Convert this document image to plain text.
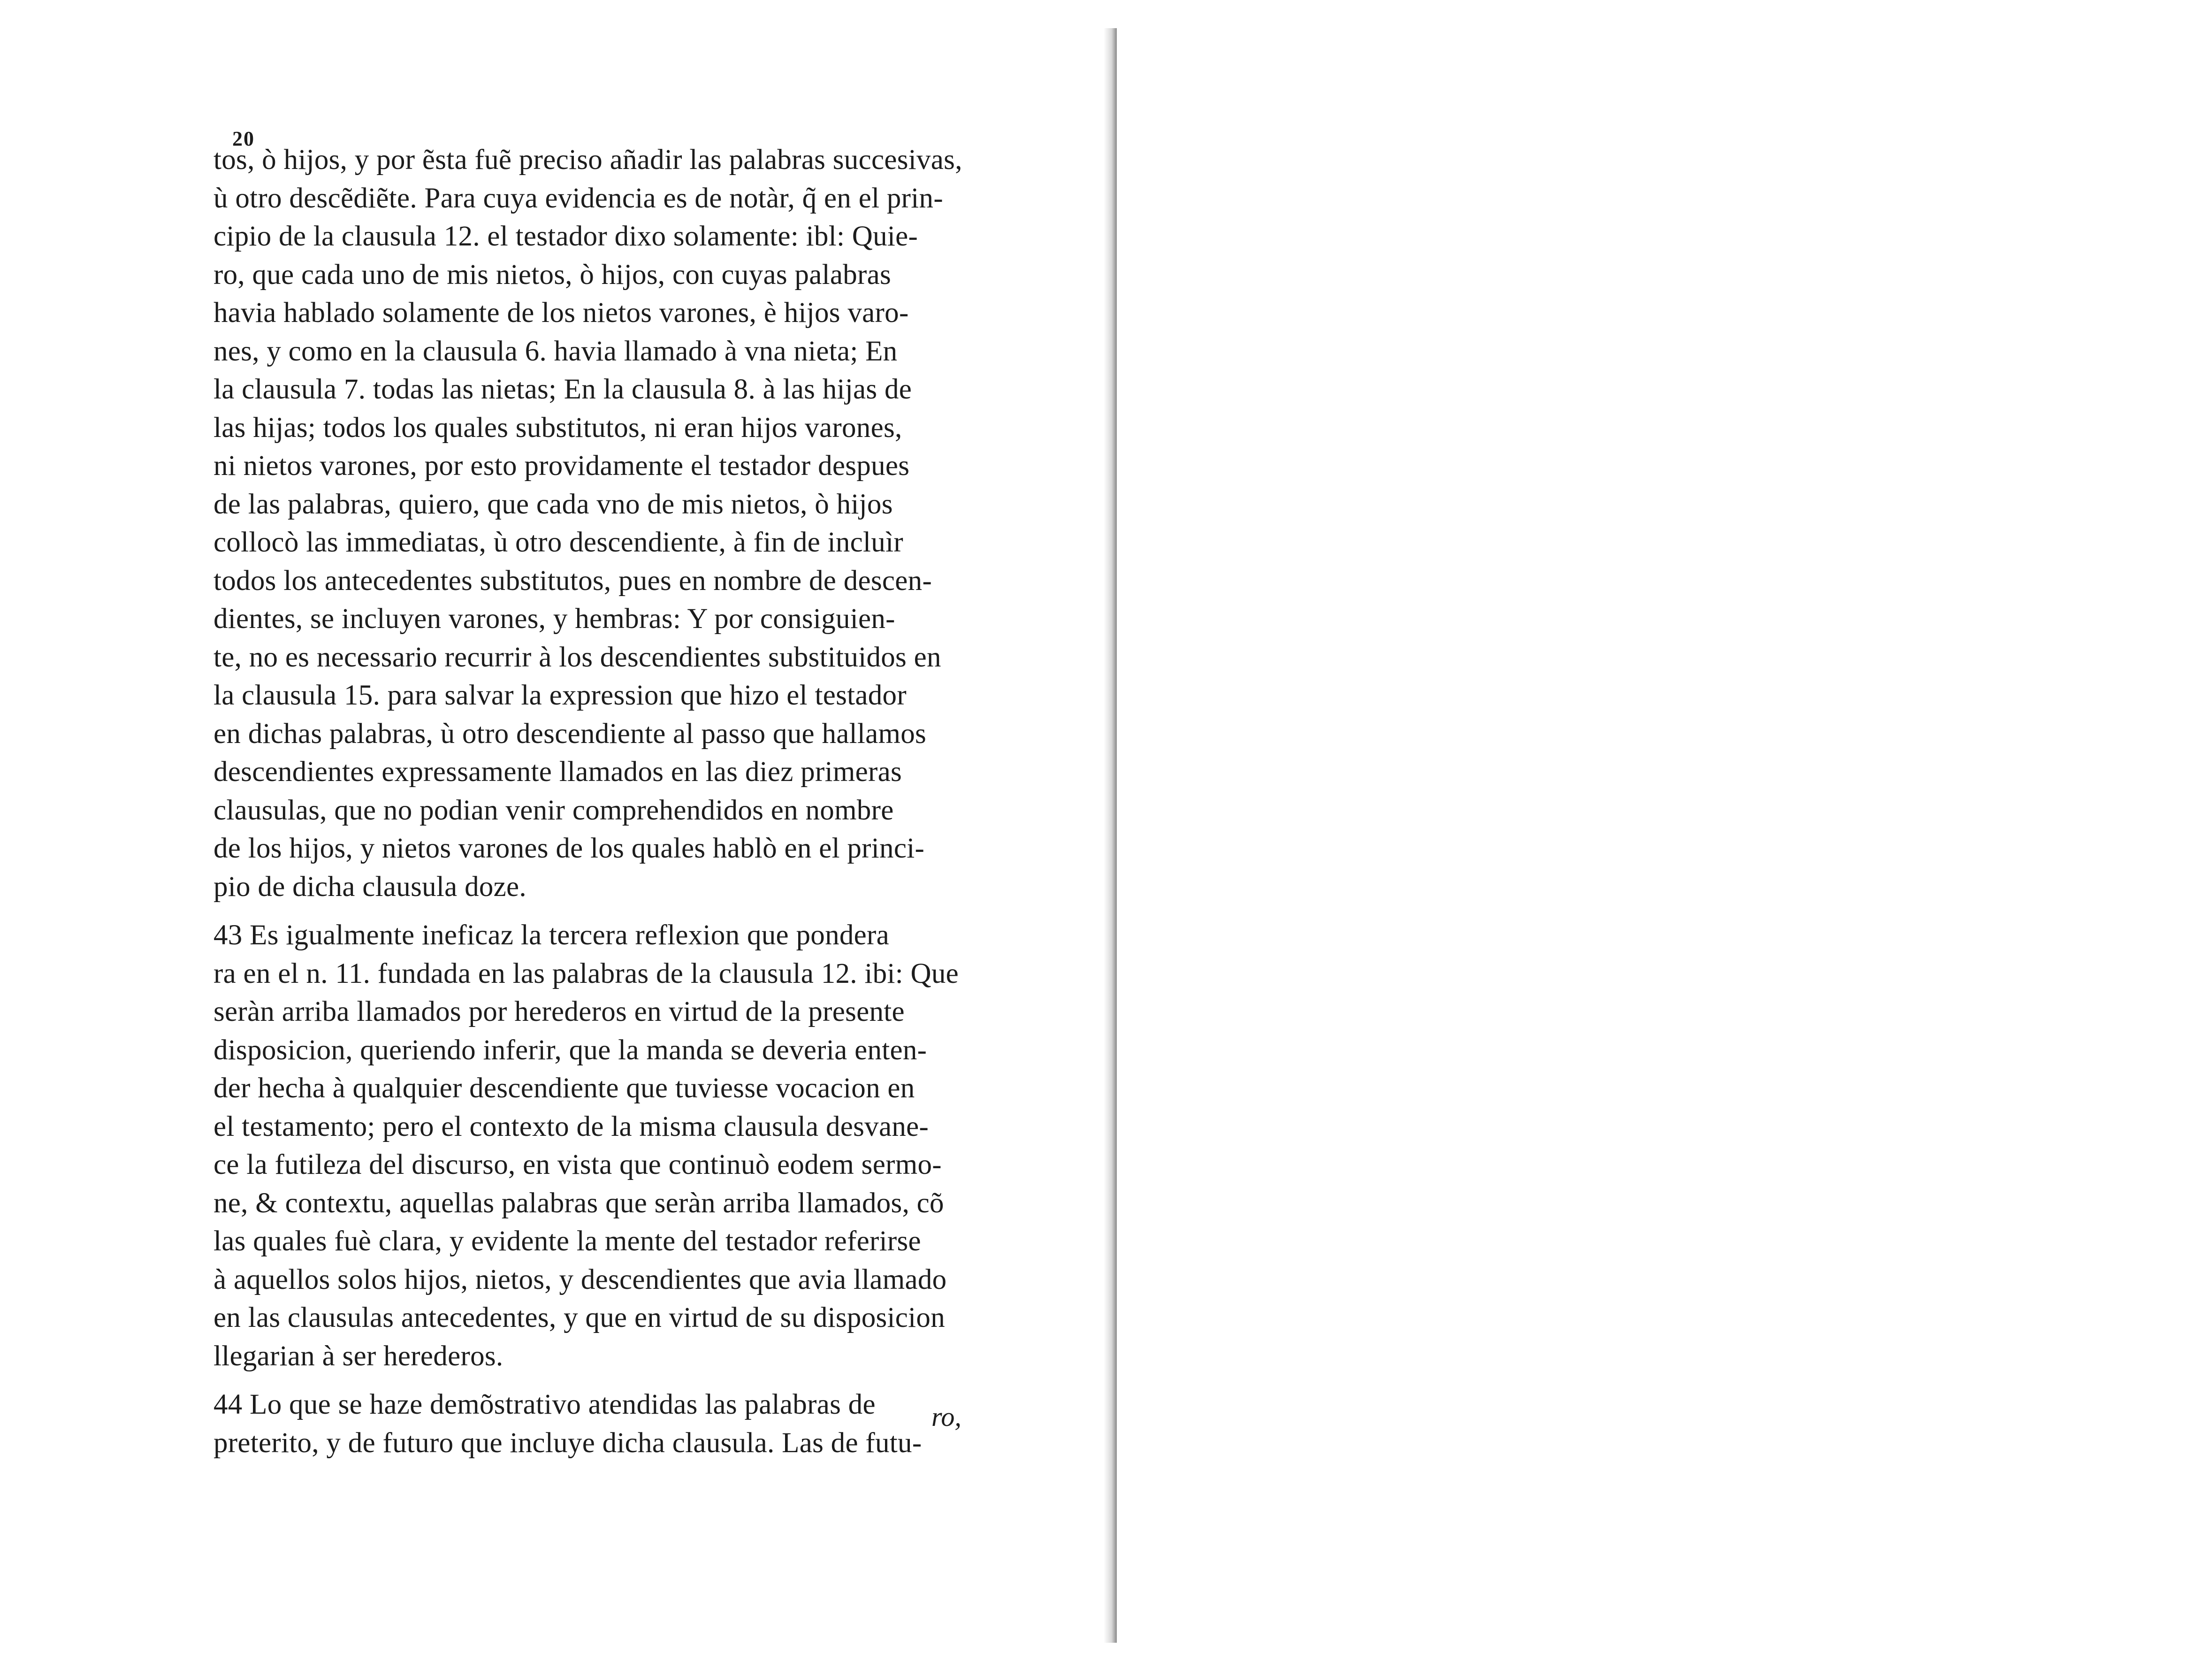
20
tos, ò hijos, y por ẽsta fuẽ preciso añadir las palabras succesivas,
ù otro descẽdiẽte. Para cuya evidencia es de notàr, q̃ en el prin-
cipio de la clausula 12. el testador dixo solamente: ibl: Quie-
ro, que cada uno de mis nietos, ò hijos, con cuyas palabras
havia hablado solamente de los nietos varones, è hijos varo-
nes, y como en la clausula 6. havia llamado à vna nieta; En
la clausula 7. todas las nietas; En la clausula 8. à las hijas de
las hijas; todos los quales substitutos, ni eran hijos varones,
ni nietos varones, por esto providamente el testador despues
de las palabras, quiero, que cada vno de mis nietos, ò hijos
collocò las immediatas, ù otro descendiente, à fin de incluìr
todos los antecedentes substitutos, pues en nombre de descen-
dientes, se incluyen varones, y hembras: Y por consiguien-
te, no es necessario recurrir à los descendientes substituidos en
la clausula 15. para salvar la expression que hizo el testador
en dichas palabras, ù otro descendiente al passo que hallamos
descendientes expressamente llamados en las diez primeras
clausulas, que no podian venir comprehendidos en nombre
de los hijos, y nietos varones de los quales hablò en el princi-
pio de dicha clausula doze.
43 Es igualmente ineficaz la tercera reflexion que pondera
ra en el n. 11. fundada en las palabras de la clausula 12. ibi: Que
seràn arriba llamados por herederos en virtud de la presente
disposicion, queriendo inferir, que la manda se deveria enten-
der hecha à qualquier descendiente que tuviesse vocacion en
el testamento; pero el contexto de la misma clausula desvane-
ce la futileza del discurso, en vista que continuò eodem sermo-
ne, & contextu, aquellas palabras que seràn arriba llamados, cõ
las quales fuè clara, y evidente la mente del testador referirse
à aquellos solos hijos, nietos, y descendientes que avia llamado
en las clausulas antecedentes, y que en virtud de su disposicion
llegarian à ser herederos.
44 Lo que se haze demõstrativo atendidas las palabras de
preterito, y de futuro que incluye dicha clausula. Las de futu-
ro,
